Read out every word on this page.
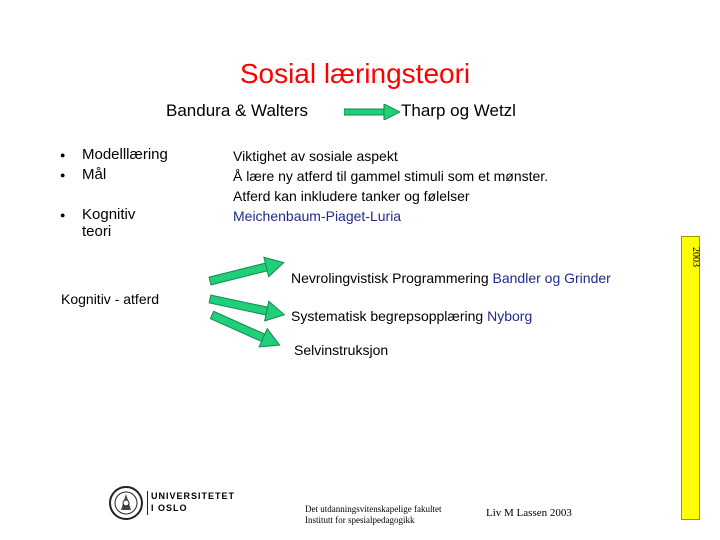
Sosial læringsteori
Bandura & Walters	Tharp og Wetzl
● Modelllæring
● Mål
● Kognitiv teori
Viktighet av sosiale aspekt
Å lære ny atferd til gammel stimuli som et mønster.
Atferd kan inkludere tanker og følelser
Meichenbaum-Piaget-Luria
2003
Kognitiv - atferd
Nevrolingvistisk Programmering Bandler og Grinder
Systematisk begrepsopplæring Nyborg
Selvinstruksjon
UNIVERSITETET
I OSLO	Det utdanningsvitenskapelige fakultet
Institutt for spesialpedagogikk
Liv M Lassen 2003
